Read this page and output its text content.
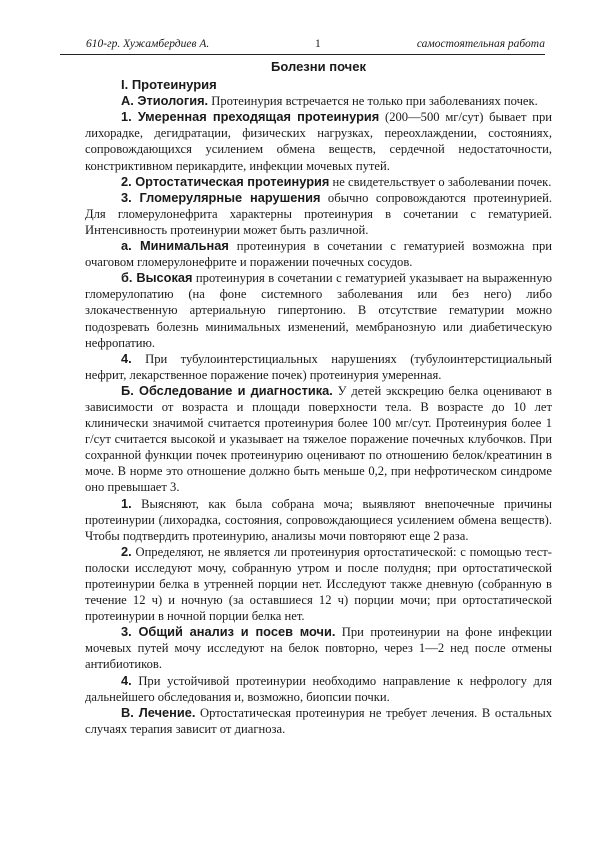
610-гр. Хужамбердиев А.	1	самостоятельная работа
Болезни почек
I. Протеинурия

А. Этиология. Протеинурия встречается не только при заболеваниях почек.

1. Умеренная преходящая протеинурия (200—500 мг/сут) бывает при лихорадке, дегидратации, физических нагрузках, переохлаждении, состояниях, сопровождающихся усилением обмена веществ, сердечной недостаточности, констриктивном перикардите, инфекции мочевых путей.

2. Ортостатическая протеинурия не свидетельствует о заболевании почек.

3. Гломерулярные нарушения обычно сопровождаются протеинурией. Для гломерулонефрита характерны протеинурия в сочетании с гематурией. Интенсивность протеинурии может быть различной.

а. Минимальная протеинурия в сочетании с гематурией возможна при очаговом гломерулонефрите и поражении почечных сосудов.

б. Высокая протеинурия в сочетании с гематурией указывает на выраженную гломерулопатию (на фоне системного заболевания или без него) либо злокачественную артериальную гипертонию. В отсутствие гематурии можно подозревать болезнь минимальных изменений, мембранозную или диабетическую нефропатию.

4. При тубулоинтерстициальных нарушениях (тубулоинтерстициальный нефрит, лекарственное поражение почек) протеинурия умеренная.

Б. Обследование и диагностика. У детей экскрецию белка оценивают в зависимости от возраста и площади поверхности тела. В возрасте до 10 лет клинически значимой считается протеинурия более 100 мг/сут. Протеинурия более 1 г/сут считается высокой и указывает на тяжелое поражение почечных клубочков. При сохранной функции почек протеинурию оценивают по отношению белок/креатинин в моче. В норме это отношение должно быть меньше 0,2, при нефротическом синдроме оно превышает 3.

1. Выясняют, как была собрана моча; выявляют внепочечные причины протеинурии (лихорадка, состояния, сопровождающиеся усилением обмена веществ). Чтобы подтвердить протеинурию, анализы мочи повторяют еще 2 раза.

2. Определяют, не является ли протеинурия ортостатической: с помощью тест-полоски исследуют мочу, собранную утром и после полудня; при ортостатической протеинурии белка в утренней порции нет. Исследуют также дневную (собранную в течение 12 ч) и ночную (за оставшиеся 12 ч) порции мочи; при ортостатической протеинурии в ночной порции белка нет.

3. Общий анализ и посев мочи. При протеинурии на фоне инфекции мочевых путей мочу исследуют на белок повторно, через 1—2 нед после отмены антибиотиков.

4. При устойчивой протеинурии необходимо направление к нефрологу для дальнейшего обследования и, возможно, биопсии почки.

В. Лечение. Ортостатическая протеинурия не требует лечения. В остальных случаях терапия зависит от диагноза.
